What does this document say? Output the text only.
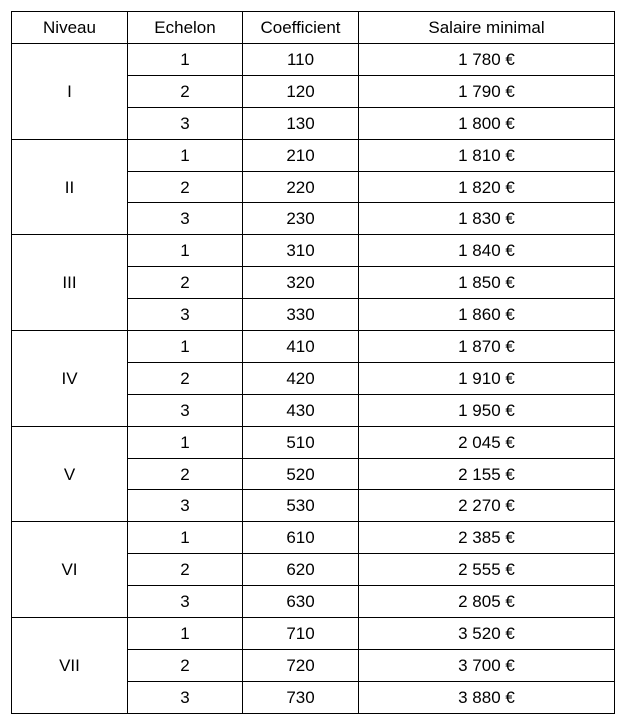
Niveau	Echelon	Coefficient	Salaire minimal
I	1	110	1 780 €
	2	120	1 790 €
	3	130	1 800 €
II	1	210	1 810 €
	2	220	1 820 €
	3	230	1 830 €
III	1	310	1 840 €
	2	320	1 850 €
	3	330	1 860 €
IV	1	410	1 870 €
	2	420	1 910 €
	3	430	1 950 €
V	1	510	2 045 €
	2	520	2 155 €
	3	530	2 270 €
VI	1	610	2 385 €
	2	620	2 555 €
	3	630	2 805 €
VII	1	710	3 520 €
	2	720	3 700 €
	3	730	3 880 €
